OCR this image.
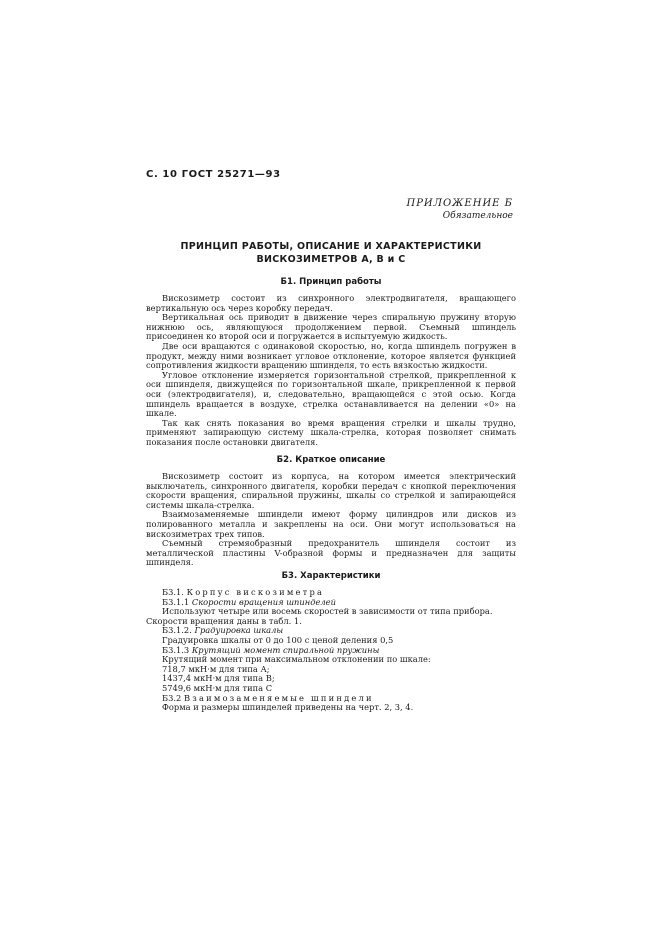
С. 10 ГОСТ 25271—93
ПРИЛОЖЕНИЕ Б
Обязательное
ПРИНЦИП РАБОТЫ, ОПИСАНИЕ И ХАРАКТЕРИСТИКИ
ВИСКОЗИМЕТРОВ А, В и С
Б1. Принцип работы

Вискозиметр состоит из синхронного электродвигателя, вращающего вертикальную ось через коробку передач.

Вертикальная ось приводит в движение через спиральную пружину вторую нижнюю ось, являющуюся продолжением первой. Съемный шпиндель присоединен ко второй оси и погружается в испытуемую жидкость.

Две оси вращаются с одинаковой скоростью, но, когда шпиндель погружен в продукт, между ними возникает угловое отклонение, которое является функцией сопротивления жидкости вращению шпинделя, то есть вязкостью жидкости.

Угловое отклонение измеряется горизонтальной стрелкой, прикрепленной к оси шпинделя, движущейся по горизонтальной шкале, прикрепленной к первой оси (электродвигателя), и, следовательно, вращающейся с этой осью. Когда шпиндель вращается в воздухе, стрелка останавливается на делении «0» на шкале.

Так как снять показания во время вращения стрелки и шкалы трудно, применяют запирающую систему шкала-стрелка, которая позволяет снимать показания после остановки двигателя.

Б2. Краткое описание

Вискозиметр состоит из корпуса, на котором имеется электрический выключатель, синхронного двигателя, коробки передач с кнопкой переключения скорости вращения, спиральной пружины, шкалы со стрелкой и запирающейся системы шкала-стрелка.

Взаимозаменяемые шпиндели имеют форму цилиндров или дисков из полированного металла и закреплены на оси. Они могут использоваться на вискозиметрах трех типов.

Съемный стремяобразный предохранитель шпинделя состоит из металлической пластины V-образной формы и предназначен для защиты шпинделя.

Б3. Характеристики
Б3.1. Корпус вискозиметра
Б3.1.1 Скорости вращения шпинделей
Используют четыре или восемь скоростей в зависимости от типа прибора.
Скорости вращения даны в табл. 1.
Б3.1.2. Градуировка шкалы
Градуировка шкалы от 0 до 100 с ценой деления 0,5
Б3.1.3 Крутящий момент спиральной пружины
Крутящий момент при максимальном отклонении по шкале:
718,7 мкН·м для типа А;
1437,4 мкН·м для типа В;
5749,6 мкН·м для типа С
Б3.2 Взаимозаменяемые шпиндели
Форма и размеры шпинделей приведены на черт. 2, 3, 4.
